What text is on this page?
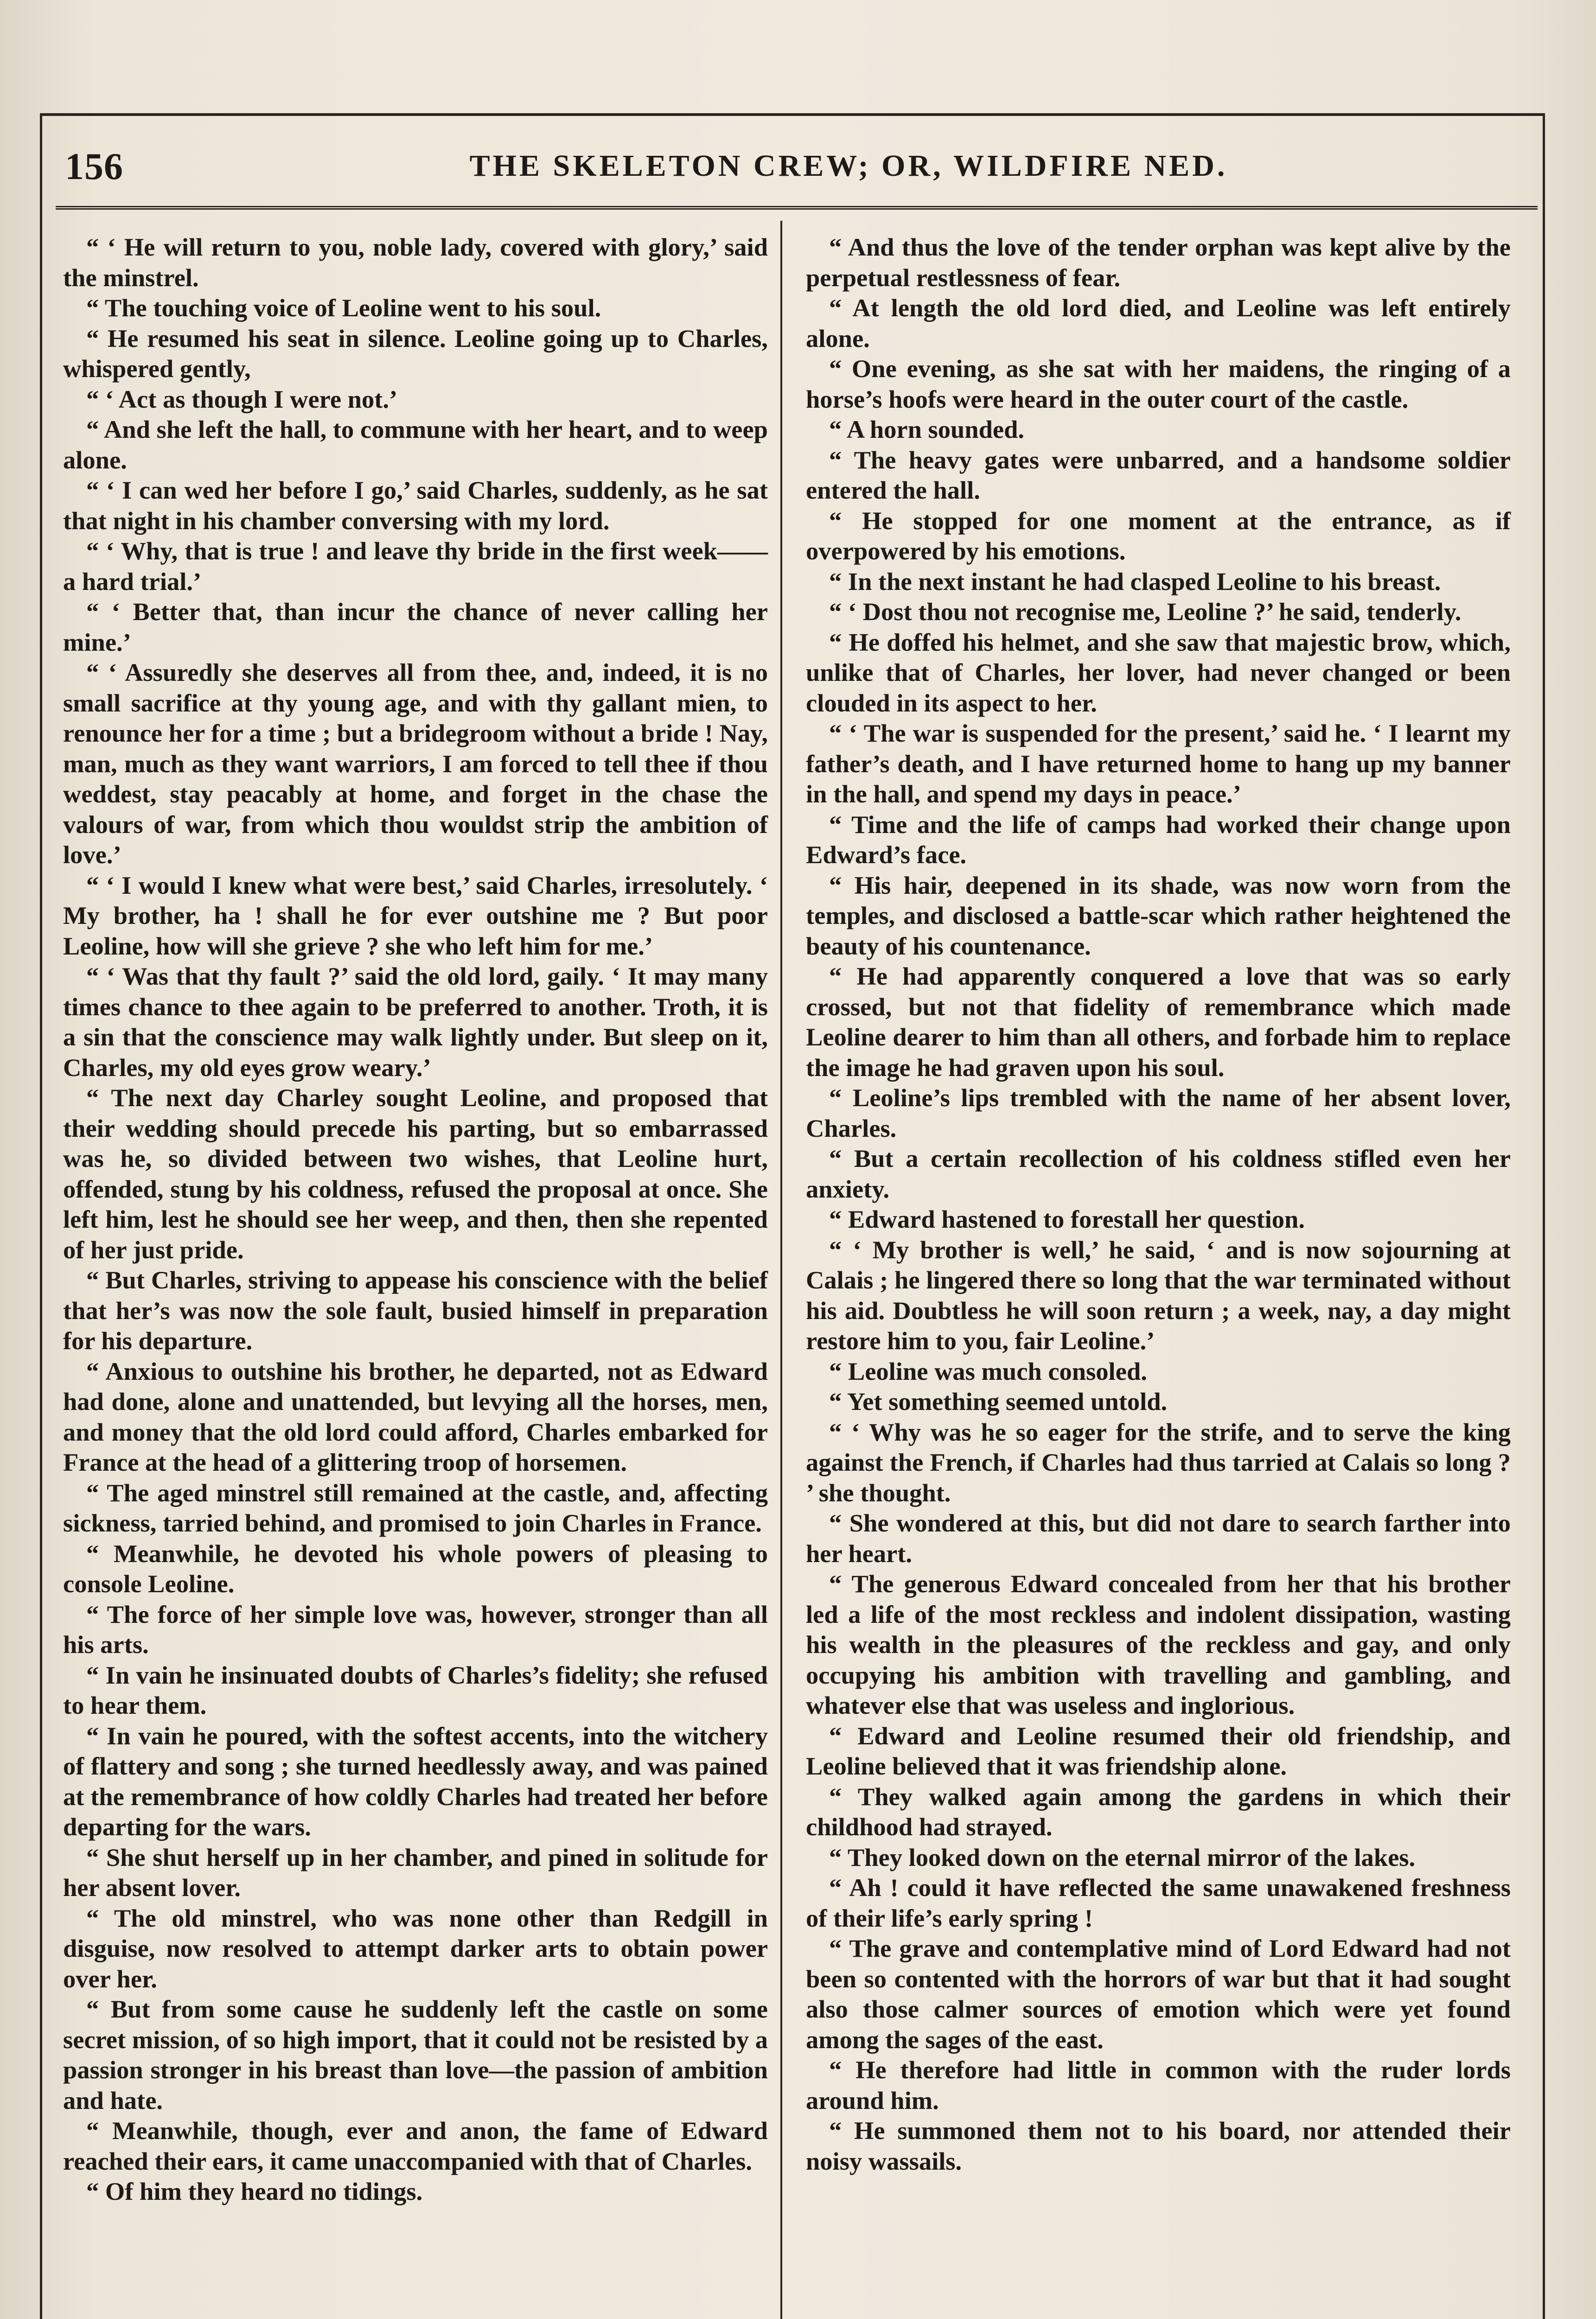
156	THE SKELETON CREW; OR, WILDFIRE NED.

“ ‘ He will return to you, noble lady, covered with glory,’ said the minstrel.

“ The touching voice of Leoline went to his soul.

“ He resumed his seat in silence. Leoline going up to Charles, whispered gently,

“ ‘ Act as though I were not.’

“ And she left the hall, to commune with her heart, and to weep alone.

“ ‘ I can wed her before I go,’ said Charles, suddenly, as he sat that night in his chamber conversing with my lord.

“ ‘ Why, that is true ! and leave thy bride in the first week—— a hard trial.’

“ ‘ Better that, than incur the chance of never calling her mine.’

“ ‘ Assuredly she deserves all from thee, and, indeed, it is no small sacrifice at thy young age, and with thy gallant mien, to renounce her for a time ; but a bridegroom without a bride ! Nay, man, much as they want warriors, I am forced to tell thee if thou weddest, stay peacably at home, and forget in the chase the valours of war, from which thou wouldst strip the ambition of love.’

“ ‘ I would I knew what were best,’ said Charles, irresolutely. ‘ My brother, ha ! shall he for ever outshine me ? But poor Leoline, how will she grieve ? she who left him for me.’

“ ‘ Was that thy fault ?’ said the old lord, gaily. ‘ It may many times chance to thee again to be preferred to another. Troth, it is a sin that the conscience may walk lightly under. But sleep on it, Charles, my old eyes grow weary.’

“ The next day Charley sought Leoline, and proposed that their wedding should precede his parting, but so embarrassed was he, so divided between two wishes, that Leoline hurt, offended, stung by his coldness, refused the proposal at once. She left him, lest he should see her weep, and then, then she repented of her just pride.

“ But Charles, striving to appease his conscience with the belief that her’s was now the sole fault, busied himself in preparation for his departure.

“ Anxious to outshine his brother, he departed, not as Edward had done, alone and unattended, but levying all the horses, men, and money that the old lord could afford, Charles embarked for France at the head of a glittering troop of horsemen.

“ The aged minstrel still remained at the castle, and, affecting sickness, tarried behind, and promised to join Charles in France.

“ Meanwhile, he devoted his whole powers of pleasing to console Leoline.

“ The force of her simple love was, however, stronger than all his arts.

“ In vain he insinuated doubts of Charles’s fidelity; she refused to hear them.

“ In vain he poured, with the softest accents, into the witchery of flattery and song ; she turned heedlessly away, and was pained at the remembrance of how coldly Charles had treated her before departing for the wars.

“ She shut herself up in her chamber, and pined in solitude for her absent lover.

“ The old minstrel, who was none other than Redgill in disguise, now resolved to attempt darker arts to obtain power over her.

“ But from some cause he suddenly left the castle on some secret mission, of so high import, that it could not be resisted by a passion stronger in his breast than love—the passion of ambition and hate.

“ Meanwhile, though, ever and anon, the fame of Edward reached their ears, it came unaccompanied with that of Charles.

“ Of him they heard no tidings.

“ And thus the love of the tender orphan was kept alive by the perpetual restlessness of fear.

“ At length the old lord died, and Leoline was left entirely alone.

“ One evening, as she sat with her maidens, the ringing of a horse’s hoofs were heard in the outer court of the castle.

“ A horn sounded.

“ The heavy gates were unbarred, and a handsome soldier entered the hall.

“ He stopped for one moment at the entrance, as if overpowered by his emotions.

“ In the next instant he had clasped Leoline to his breast.

“ ‘ Dost thou not recognise me, Leoline ?’ he said, tenderly.

“ He doffed his helmet, and she saw that majestic brow, which, unlike that of Charles, her lover, had never changed or been clouded in its aspect to her.

“ ‘ The war is suspended for the present,’ said he. ‘ I learnt my father’s death, and I have returned home to hang up my banner in the hall, and spend my days in peace.’

“ Time and the life of camps had worked their change upon Edward’s face.

“ His hair, deepened in its shade, was now worn from the temples, and disclosed a battle-scar which rather heightened the beauty of his countenance.

“ He had apparently conquered a love that was so early crossed, but not that fidelity of remembrance which made Leoline dearer to him than all others, and forbade him to replace the image he had graven upon his soul.

“ Leoline’s lips trembled with the name of her absent lover, Charles.

“ But a certain recollection of his coldness stifled even her anxiety.

“ Edward hastened to forestall her question.

“ ‘ My brother is well,’ he said, ‘ and is now sojourning at Calais ; he lingered there so long that the war terminated without his aid. Doubtless he will soon return ; a week, nay, a day might restore him to you, fair Leoline.’

“ Leoline was much consoled.

“ Yet something seemed untold.

“ ‘ Why was he so eager for the strife, and to serve the king against the French, if Charles had thus tarried at Calais so long ? ’ she thought.

“ She wondered at this, but did not dare to search farther into her heart.

“ The generous Edward concealed from her that his brother led a life of the most reckless and indolent dissipation, wasting his wealth in the pleasures of the reckless and gay, and only occupying his ambition with travelling and gambling, and whatever else that was useless and inglorious.

“ Edward and Leoline resumed their old friendship, and Leoline believed that it was friendship alone.

“ They walked again among the gardens in which their childhood had strayed.

“ They looked down on the eternal mirror of the lakes.

“ Ah ! could it have reflected the same unawakened freshness of their life’s early spring !

“ The grave and contemplative mind of Lord Edward had not been so contented with the horrors of war but that it had sought also those calmer sources of emotion which were yet found among the sages of the east.

“ He therefore had little in common with the ruder lords around him.

“ He summoned them not to his board, nor attended their noisy wassails.
